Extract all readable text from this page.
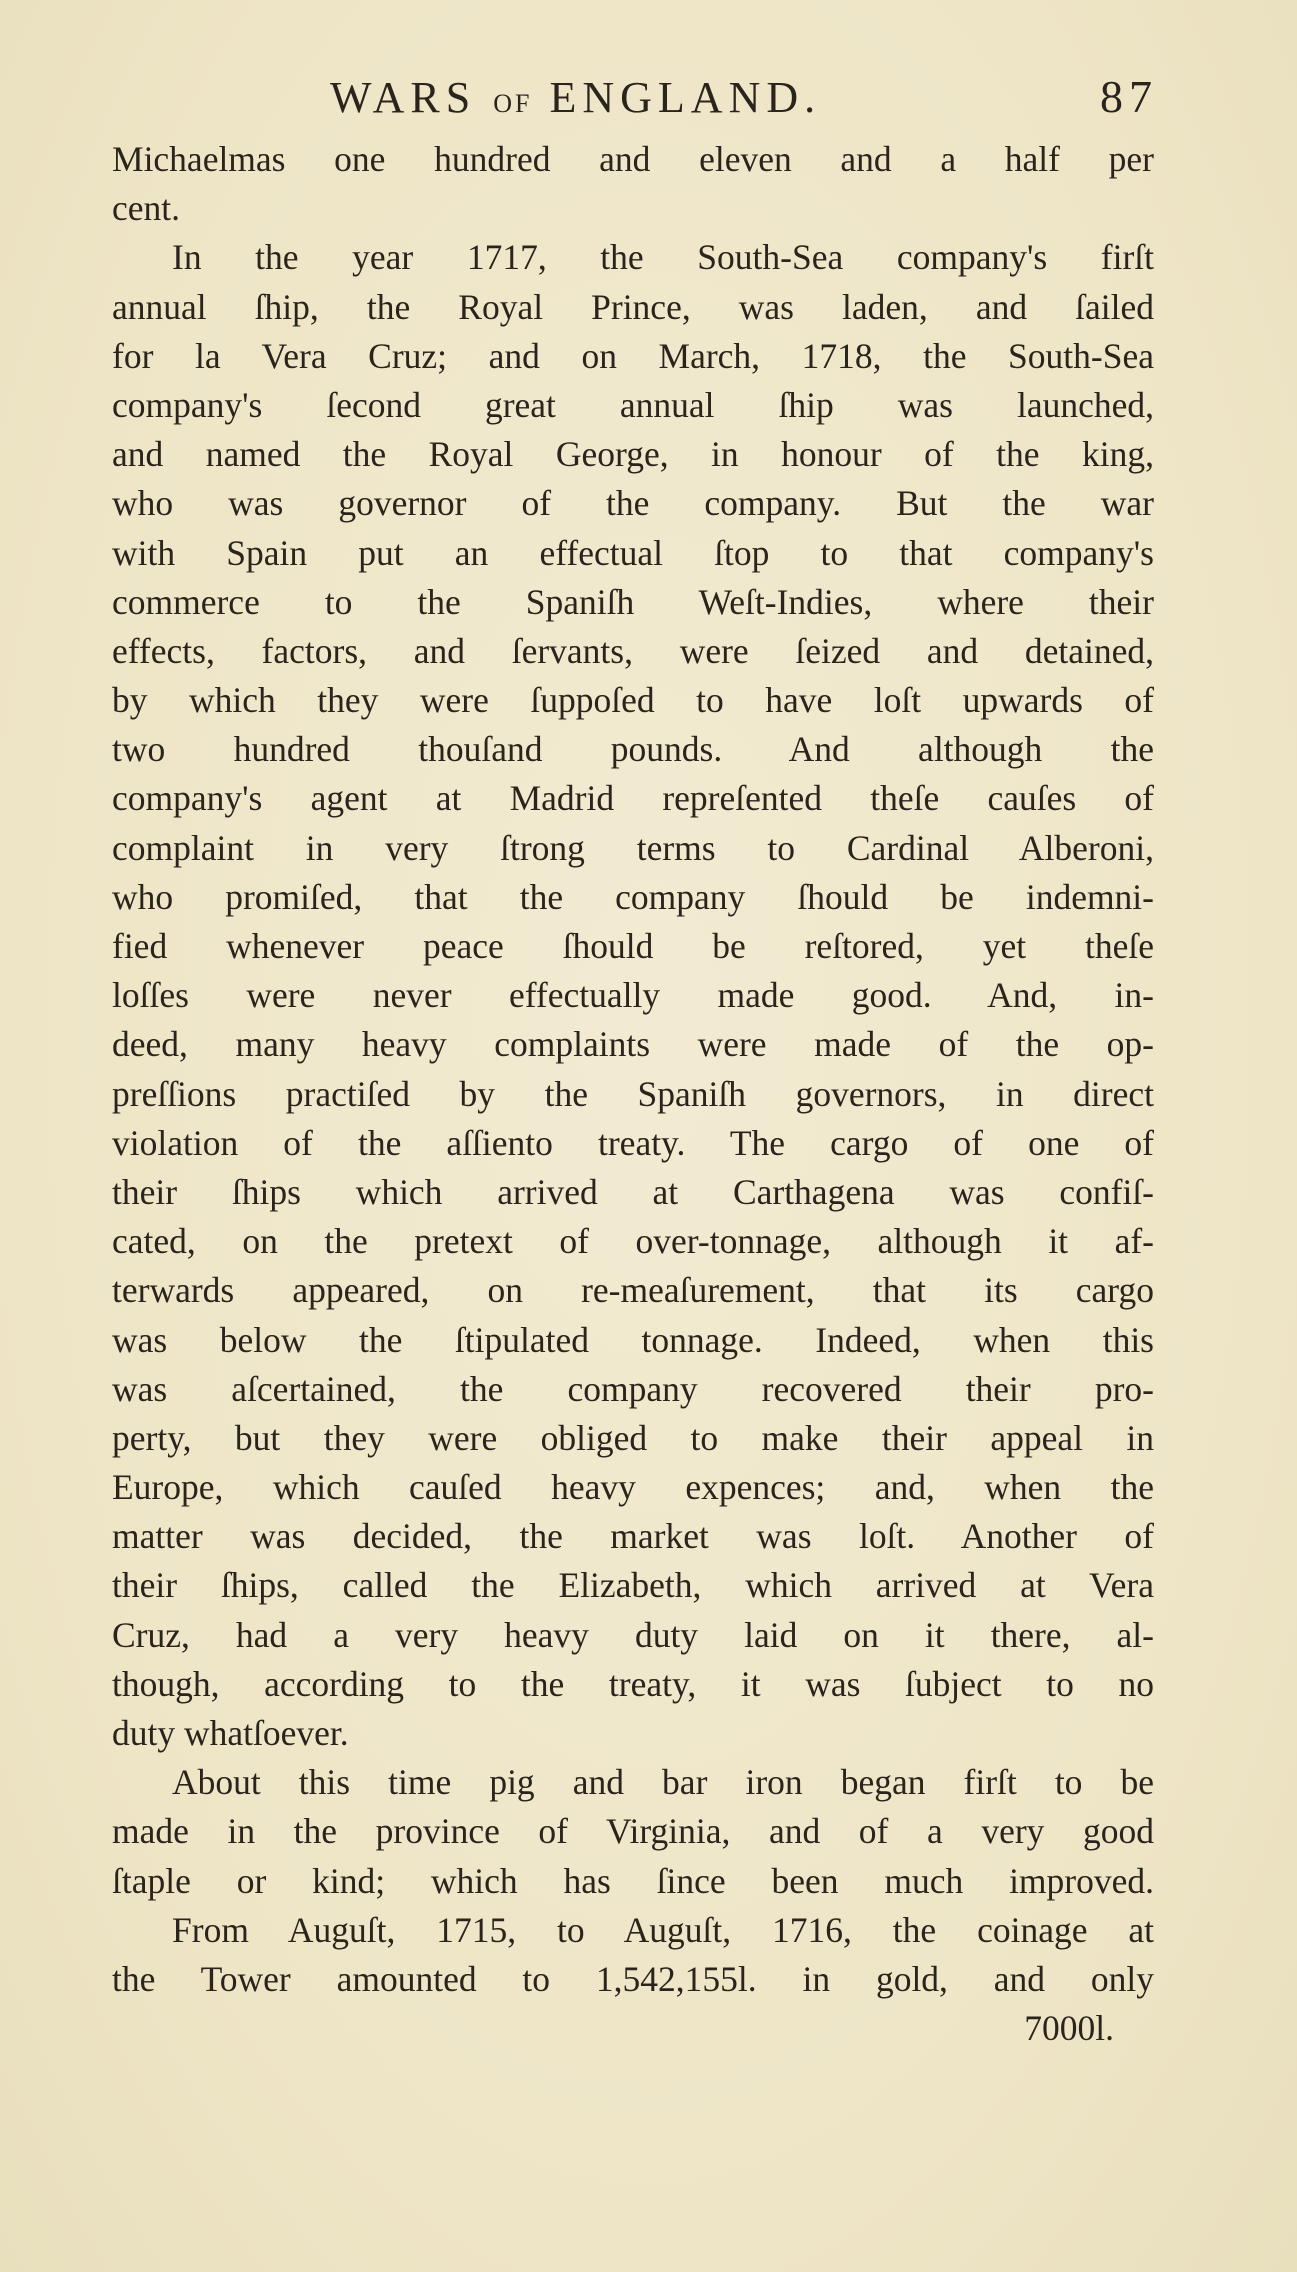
WARS OF ENGLAND.	87
Michaelmas one hundred and eleven and a half per
cent.
In the year 1717, the South-Sea company's firſt
annual ſhip, the Royal Prince, was laden, and ſailed
for la Vera Cruz; and on March, 1718, the South-Sea
company's ſecond great annual ſhip was launched,
and named the Royal George, in honour of the king,
who was governor of the company. But the war
with Spain put an effectual ſtop to that company's
commerce to the Spaniſh Weſt-Indies, where their
effects, factors, and ſervants, were ſeized and detained,
by which they were ſuppoſed to have loſt upwards of
two hundred thouſand pounds. And although the
company's agent at Madrid repreſented theſe cauſes of
complaint in very ſtrong terms to Cardinal Alberoni,
who promiſed, that the company ſhould be indemni-
fied whenever peace ſhould be reſtored, yet theſe
loſſes were never effectually made good. And, in-
deed, many heavy complaints were made of the op-
preſſions practiſed by the Spaniſh governors, in direct
violation of the aſſiento treaty. The cargo of one of
their ſhips which arrived at Carthagena was confiſ-
cated, on the pretext of over-tonnage, although it af-
terwards appeared, on re-meaſurement, that its cargo
was below the ſtipulated tonnage. Indeed, when this
was aſcertained, the company recovered their pro-
perty, but they were obliged to make their appeal in
Europe, which cauſed heavy expences; and, when the
matter was decided, the market was loſt. Another of
their ſhips, called the Elizabeth, which arrived at Vera
Cruz, had a very heavy duty laid on it there, al-
though, according to the treaty, it was ſubject to no
duty whatſoever.
About this time pig and bar iron began firſt to be
made in the province of Virginia, and of a very good
ſtaple or kind; which has ſince been much improved.
From Auguſt, 1715, to Auguſt, 1716, the coinage at
the Tower amounted to 1,542,155l. in gold, and only
7000l.
